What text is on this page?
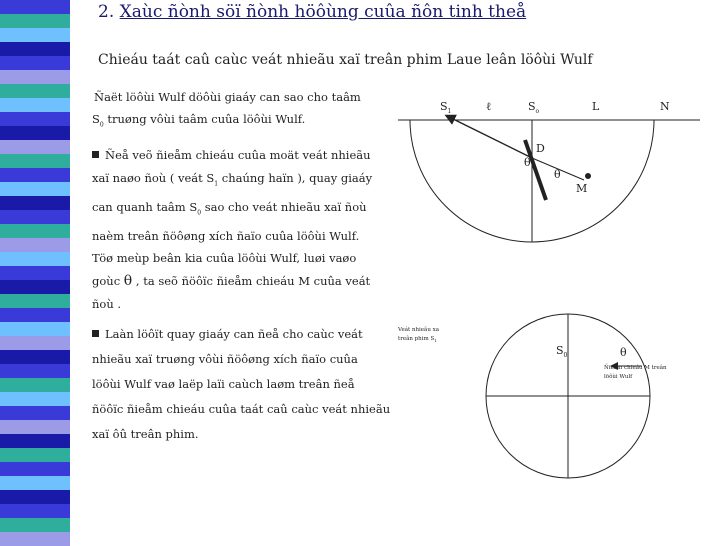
2. Xaùc ñònh söï ñònh höôùng cuûa ñôn tinh theå
Chieáu taát caû caùc veát nhieãu xaï treân phim Laue leân löôùi Wulf
Ñaët löôùi Wulf döôùi giaáy can sao cho taâm
$S_0$ truøng vôùi taâm cuûa löôùi Wulf.
Ñeå veõ ñieåm chieáu cuûa moät veát nhieãu
xaï naøo ñoù ( veát $S_1$ chaúng haïn ), quay giaáy
can quanh taâm $S_0$ sao cho veát nhieãu xaï ñoù
naèm treân ñöôøng xích ñaïo cuûa löôùi Wulf.
Töø meùp beân kia cuûa löôùi Wulf, luøi vaøo
goùc θ , ta seõ ñöôïc ñieåm chieáu M cuûa veát
ñoù .
Laàn löôït quay giaáy can ñeå cho caùc veát
nhieãu xaï truøng vôùi ñöôøng xích ñaïo cuûa
löôùi Wulf vaø laëp laïi caùch laøm treân ñeå
ñöôïc ñieåm chieáu cuûa taát caû caùc veát nhieãu
xaï ôû treân phim.
$S_1$	ℓ	$S_o$	L	N
D
θ
θ
M
Veát nhieãu xa
treân phim $S_1$
$S_0$	θ
Ñieåm chieáu M treân
löôùi Wulf
